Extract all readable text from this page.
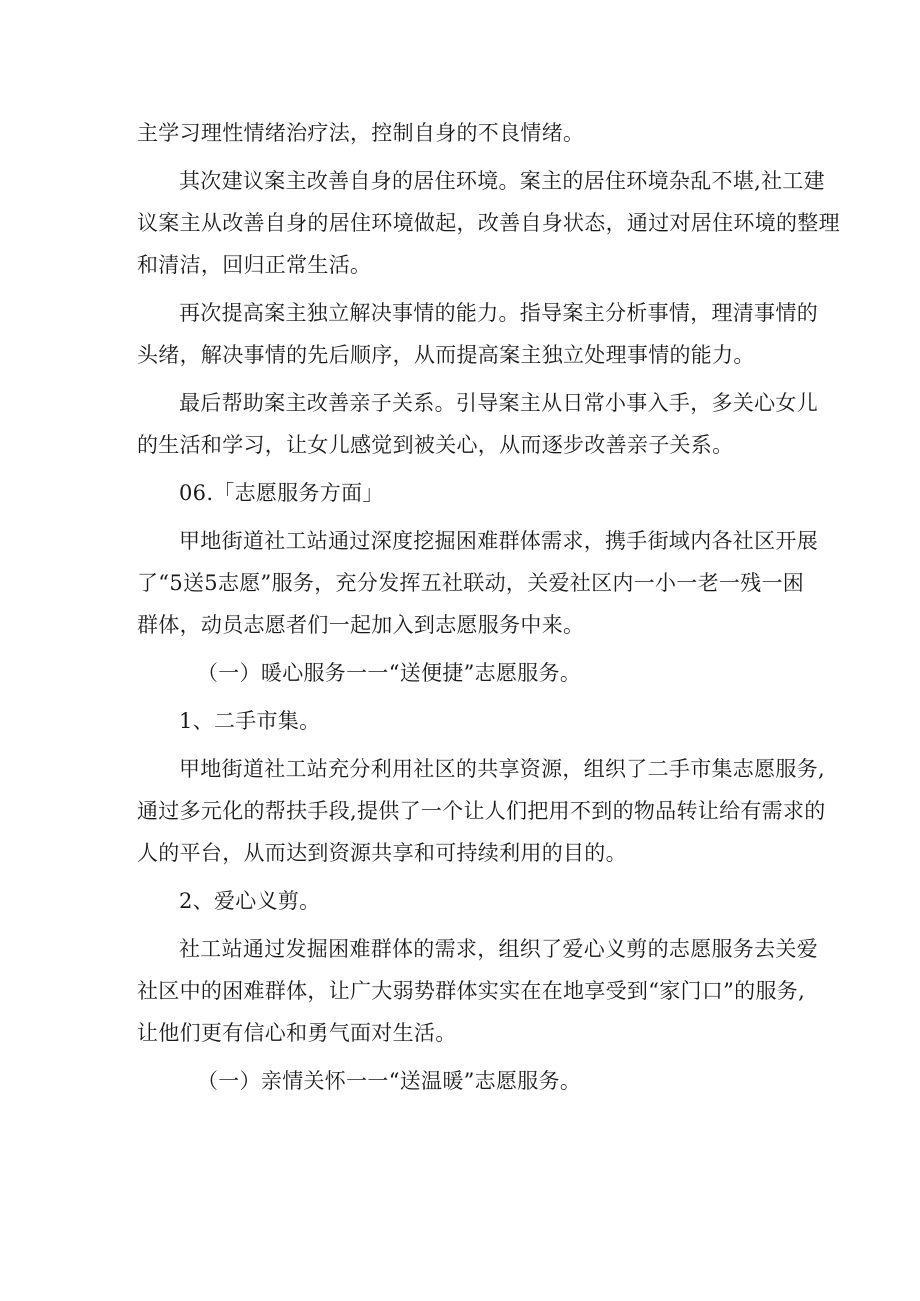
主学习理性情绪治疗法，控制自身的不良情绪。

其次建议案主改善自身的居住环境。案主的居住环境杂乱不堪,社工建
议案主从改善自身的居住环境做起，改善自身状态，通过对居住环境的整理
和清洁，回归正常生活。

再次提高案主独立解决事情的能力。指导案主分析事情，理清事情的
头绪，解决事情的先后顺序，从而提高案主独立处理事情的能力。

最后帮助案主改善亲子关系。引导案主从日常小事入手，多关心女儿
的生活和学习，让女儿感觉到被关心，从而逐步改善亲子关系。

06.「志愿服务方面」

甲地街道社工站通过深度挖掘困难群体需求，携手街域内各社区开展
了“5送5志愿”服务，充分发挥五社联动，关爱社区内一小一老一残一困
群体，动员志愿者们一起加入到志愿服务中来。

（一）暖心服务一一“送便捷”志愿服务。

1、二手市集。

甲地街道社工站充分利用社区的共享资源，组织了二手市集志愿服务,
通过多元化的帮扶手段,提供了一个让人们把用不到的物品转让给有需求的
人的平台，从而达到资源共享和可持续利用的目的。

2、爱心义剪。

社工站通过发掘困难群体的需求，组织了爱心义剪的志愿服务去关爱
社区中的困难群体，让广大弱势群体实实在在地享受到“家门口”的服务,
让他们更有信心和勇气面对生活。

（一）亲情关怀一一“送温暖”志愿服务。
